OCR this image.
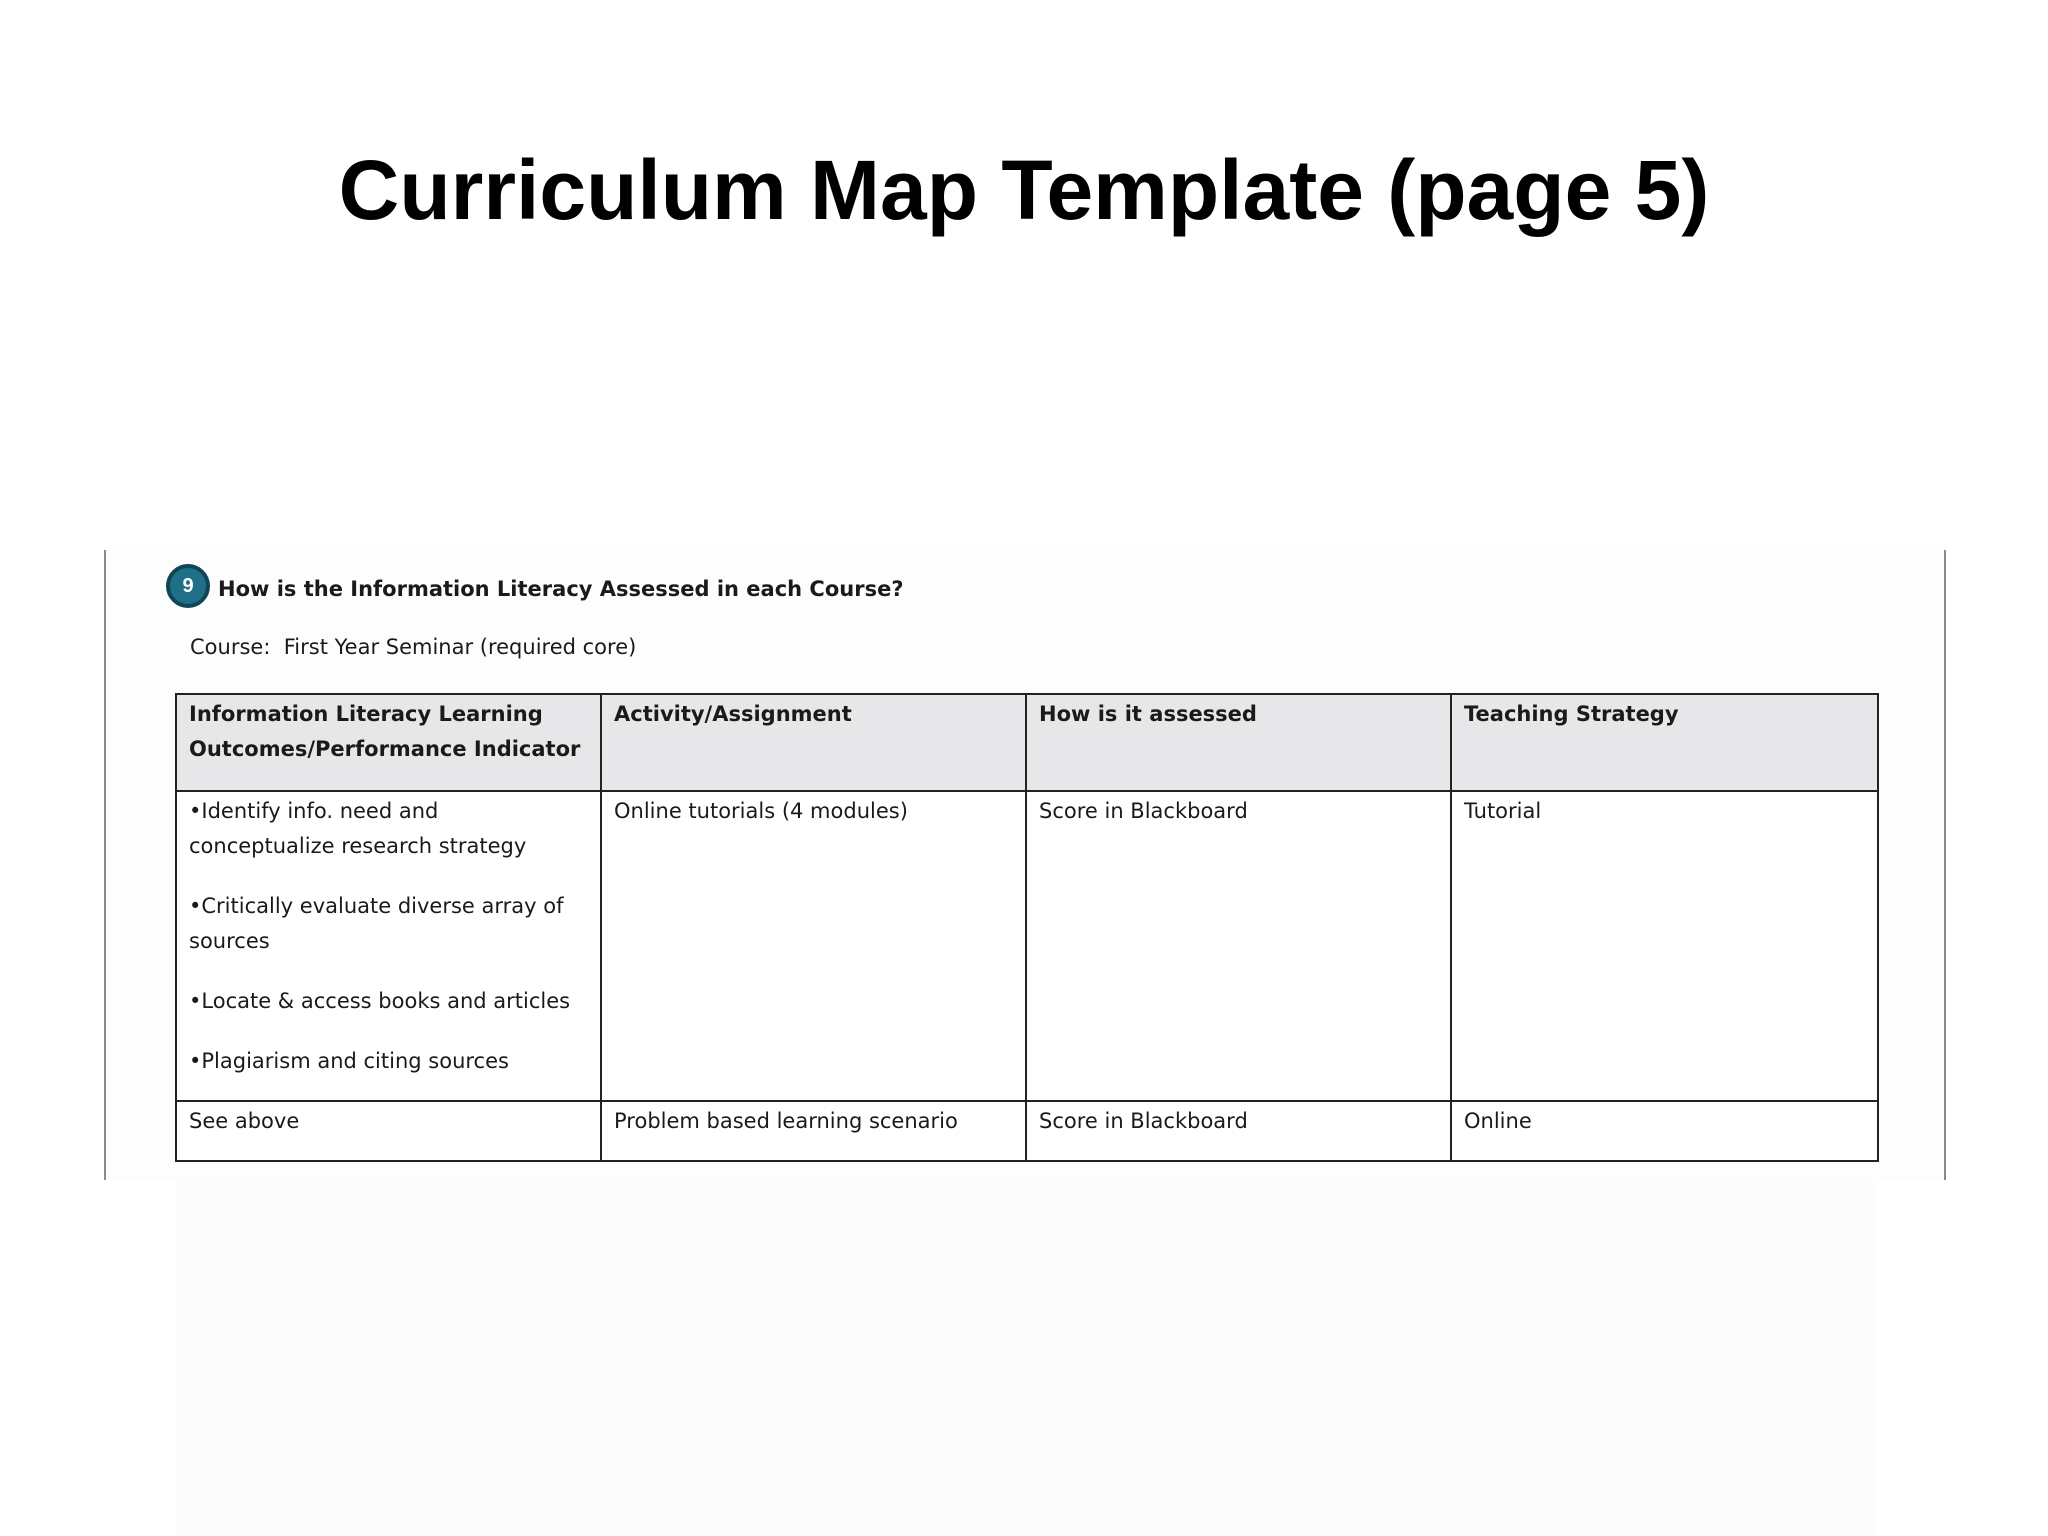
Curriculum Map Template (page 5)
9	How is the Information Literacy Assessed in each Course?
Course:  First Year Seminar (required core)
Information Literacy Learning Outcomes/Performance Indicator	Activity/Assignment	How is it assessed	Teaching Strategy

•Identify info. need and conceptualize research strategy
•Critically evaluate diverse array of sources
•Locate & access books and articles
•Plagiarism and citing sources	Online tutorials (4 modules)	Score in Blackboard	Tutorial
See above	Problem based learning scenario	Score in Blackboard	Online
